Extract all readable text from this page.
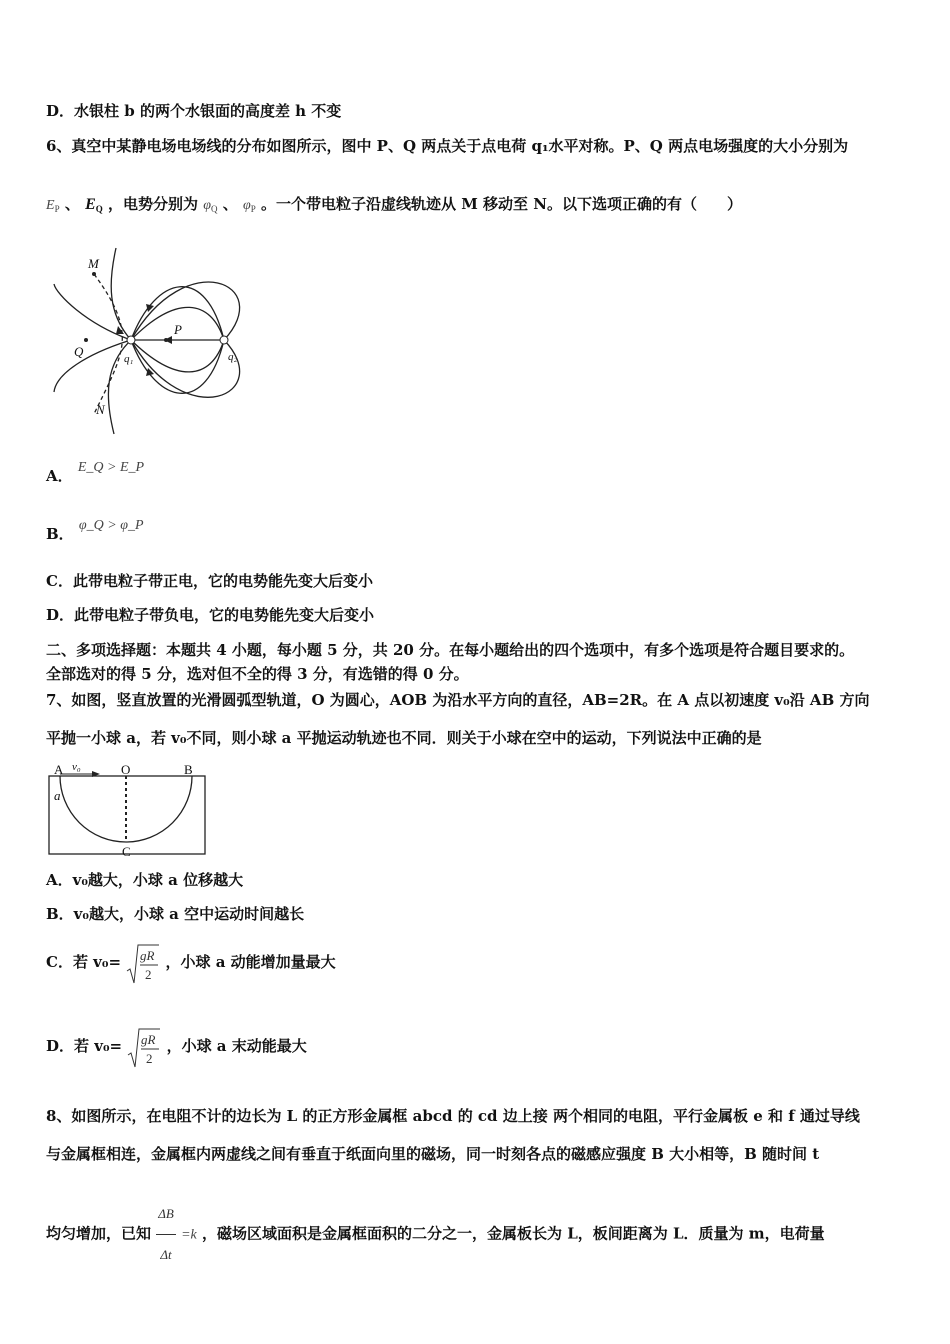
D．水银柱 b 的两个水银面的高度差 h 不变
6、真空中某静电场电场线的分布如图所示，图中 P、Q 两点关于点电荷 q₁水平对称。P、Q 两点电场强度的大小分别为
$E_P$ 、 $E_Q$ ，电势分别为 $\varphi_Q$ 、 $\varphi_P$ 。一个带电粒子沿虚线轨迹从 M 移动至 N。以下选项正确的有（　　）
M
Q	q₁
P
q₂
N
A． E_Q > E_P
B． φ_Q > φ_P
C．此带电粒子带正电，它的电势能先变大后变小
D．此带电粒子带负电，它的电势能先变大后变小
二、多项选择题：本题共 4 小题，每小题 5 分，共 20 分。在每小题给出的四个选项中，有多个选项是符合题目要求的。
全部选对的得 5 分，选对但不全的得 3 分，有选错的得 0 分。
7、如图，竖直放置的光滑圆弧型轨道，O 为圆心，AOB 为沿水平方向的直径，AB=2R。在 A 点以初速度 v₀沿 AB 方向
平抛一小球 a，若 v₀不同，则小球 a 平抛运动轨迹也不同．则关于小球在空中的运动，下列说法中正确的是
A v₀	O	B
a
C
A．v₀越大，小球 a 位移越大
B．v₀越大，小球 a 空中运动时间越长
C．若 v₀= gR
2
，小球 a 动能增加量最大
D．若 v₀= gR
2
，小球 a 末动能最大
8、如图所示，在电阻不计的边长为 L 的正方形金属框 abcd 的 cd 边上接 两个相同的电阻，平行金属板 e 和 f 通过导线
与金属框相连，金属框内两虚线之间有垂直于纸面向里的磁场，同一时刻各点的磁感应强度 B 大小相等，B 随时间 t
均匀增加，已知 $\frac{\Delta B}{\Delta t} =k$ ，磁场区域面积是金属框面积的二分之一，金属板长为 L，板间距离为 L．质量为 m，电荷量
